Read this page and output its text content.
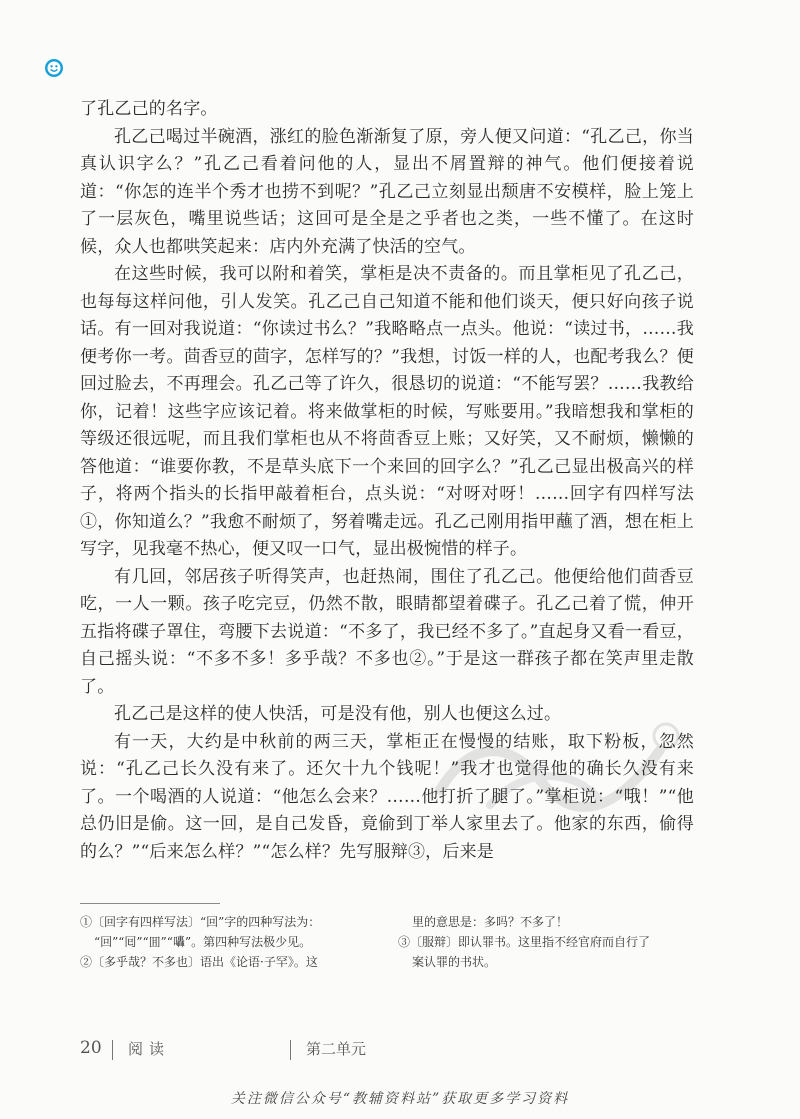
了孔乙己的名字。

孔乙己喝过半碗酒，涨红的脸色渐渐复了原，旁人便又问道：“孔乙己，你当真认识字么？”孔乙己看着问他的人，显出不屑置辩的神气。他们便接着说道：“你怎的连半个秀才也捞不到呢？”孔乙己立刻显出颓唐不安模样，脸上笼上了一层灰色，嘴里说些话；这回可是全是之乎者也之类，一些不懂了。在这时候，众人也都哄笑起来：店内外充满了快活的空气。

在这些时候，我可以附和着笑，掌柜是决不责备的。而且掌柜见了孔乙己，也每每这样问他，引人发笑。孔乙己自己知道不能和他们谈天，便只好向孩子说话。有一回对我说道：“你读过书么？”我略略点一点头。他说：“读过书，……我便考你一考。茴香豆的茴字，怎样写的？”我想，讨饭一样的人，也配考我么？便回过脸去，不再理会。孔乙己等了许久，很恳切的说道：“不能写罢？……我教给你，记着！这些字应该记着。将来做掌柜的时候，写账要用。”我暗想我和掌柜的等级还很远呢，而且我们掌柜也从不将茴香豆上账；又好笑，又不耐烦，懒懒的答他道：“谁要你教，不是草头底下一个来回的回字么？”孔乙己显出极高兴的样子，将两个指头的长指甲敲着柜台，点头说：“对呀对呀！……回字有四样写法①，你知道么？”我愈不耐烦了，努着嘴走远。孔乙己刚用指甲蘸了酒，想在柜上写字，见我毫不热心，便又叹一口气，显出极惋惜的样子。

有几回，邻居孩子听得笑声，也赶热闹，围住了孔乙己。他便给他们茴香豆吃，一人一颗。孩子吃完豆，仍然不散，眼睛都望着碟子。孔乙己着了慌，伸开五指将碟子罩住，弯腰下去说道：“不多了，我已经不多了。”直起身又看一看豆，自己摇头说：“不多不多！多乎哉？不多也②。”于是这一群孩子都在笑声里走散了。

孔乙己是这样的使人快活，可是没有他，别人也便这么过。

有一天，大约是中秋前的两三天，掌柜正在慢慢的结账，取下粉板，忽然说：“孔乙己长久没有来了。还欠十九个钱呢！”我才也觉得他的确长久没有来了。一个喝酒的人说道：“他怎么会来？……他打折了腿了。”掌柜说：“哦！”“他总仍旧是偷。这一回，是自己发昏，竟偷到丁举人家里去了。他家的东西，偷得的么？”“后来怎么样？”“怎么样？先写服辩③，后来是

①〔回字有四样写法〕“回”字的四种写法为：
“回”“囘”“囬”“𡆀”。第四种写法极少见。
②〔多乎哉？不多也〕语出《论语·子罕》。这
里的意思是：多吗？不多了！
③〔服辩〕即认罪书。这里指不经官府而自行了
案认罪的书状。
20 阅读	第二单元
关注微信公众号“教辅资料站”获取更多学习资料
